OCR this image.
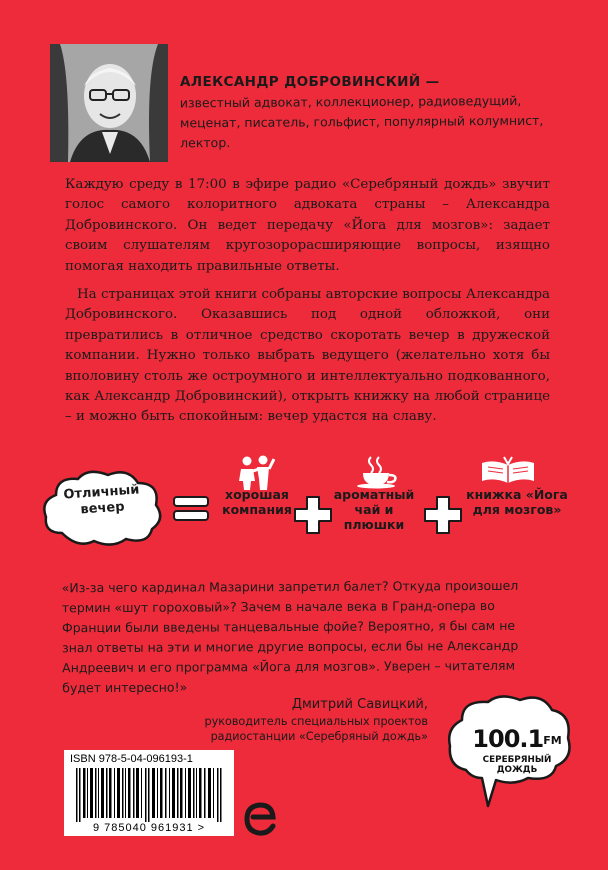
АЛЕКСАНДР ДОБРОВИНСКИЙ —
известный адвокат, коллекционер, радиоведущий, меценат, писатель, гольфист, популярный колумнист, лектор.

Каждую среду в 17:00 в эфире радио «Серебряный дождь» звучит голос самого колоритного адвоката страны – Александра Добровинского. Он ведет передачу «Йога для мозгов»: задает своим слушателям кругозорорасширяющие вопросы, изящно помогая находить правильные ответы.

На страницах этой книги собраны авторские вопросы Александра Добровинского. Оказавшись под одной обложкой, они превратились в отличное средство скоротать вечер в дружеской компании. Нужно только выбрать ведущего (желательно хотя бы вполовину столь же остроумного и интеллектуально подкованного, как Александр Добровинский), открыть книжку на любой странице – и можно быть спокойным: вечер удастся на славу.

Отличный вечер
хорошая компания
ароматный чай и плюшки
книжка «Йога для мозгов»
«Из-за чего кардинал Мазарини запретил балет? Откуда произошел термин «шут гороховый»? Зачем в начале века в Гранд-опера во Франции были введены танцевальные фойе? Вероятно, я бы сам не знал ответы на эти и многие другие вопросы, если бы не Александр Андреевич и его программа «Йога для мозгов». Уверен – читателям будет интересно!»
Дмитрий Савицкий,
руководитель специальных проектов
радиостанции «Серебряный дождь»
ISBN 978-5-04-096193-1
9 785040 961931 >
100.1FM
СЕРЕБРЯНЫЙ ДОЖДЬ
